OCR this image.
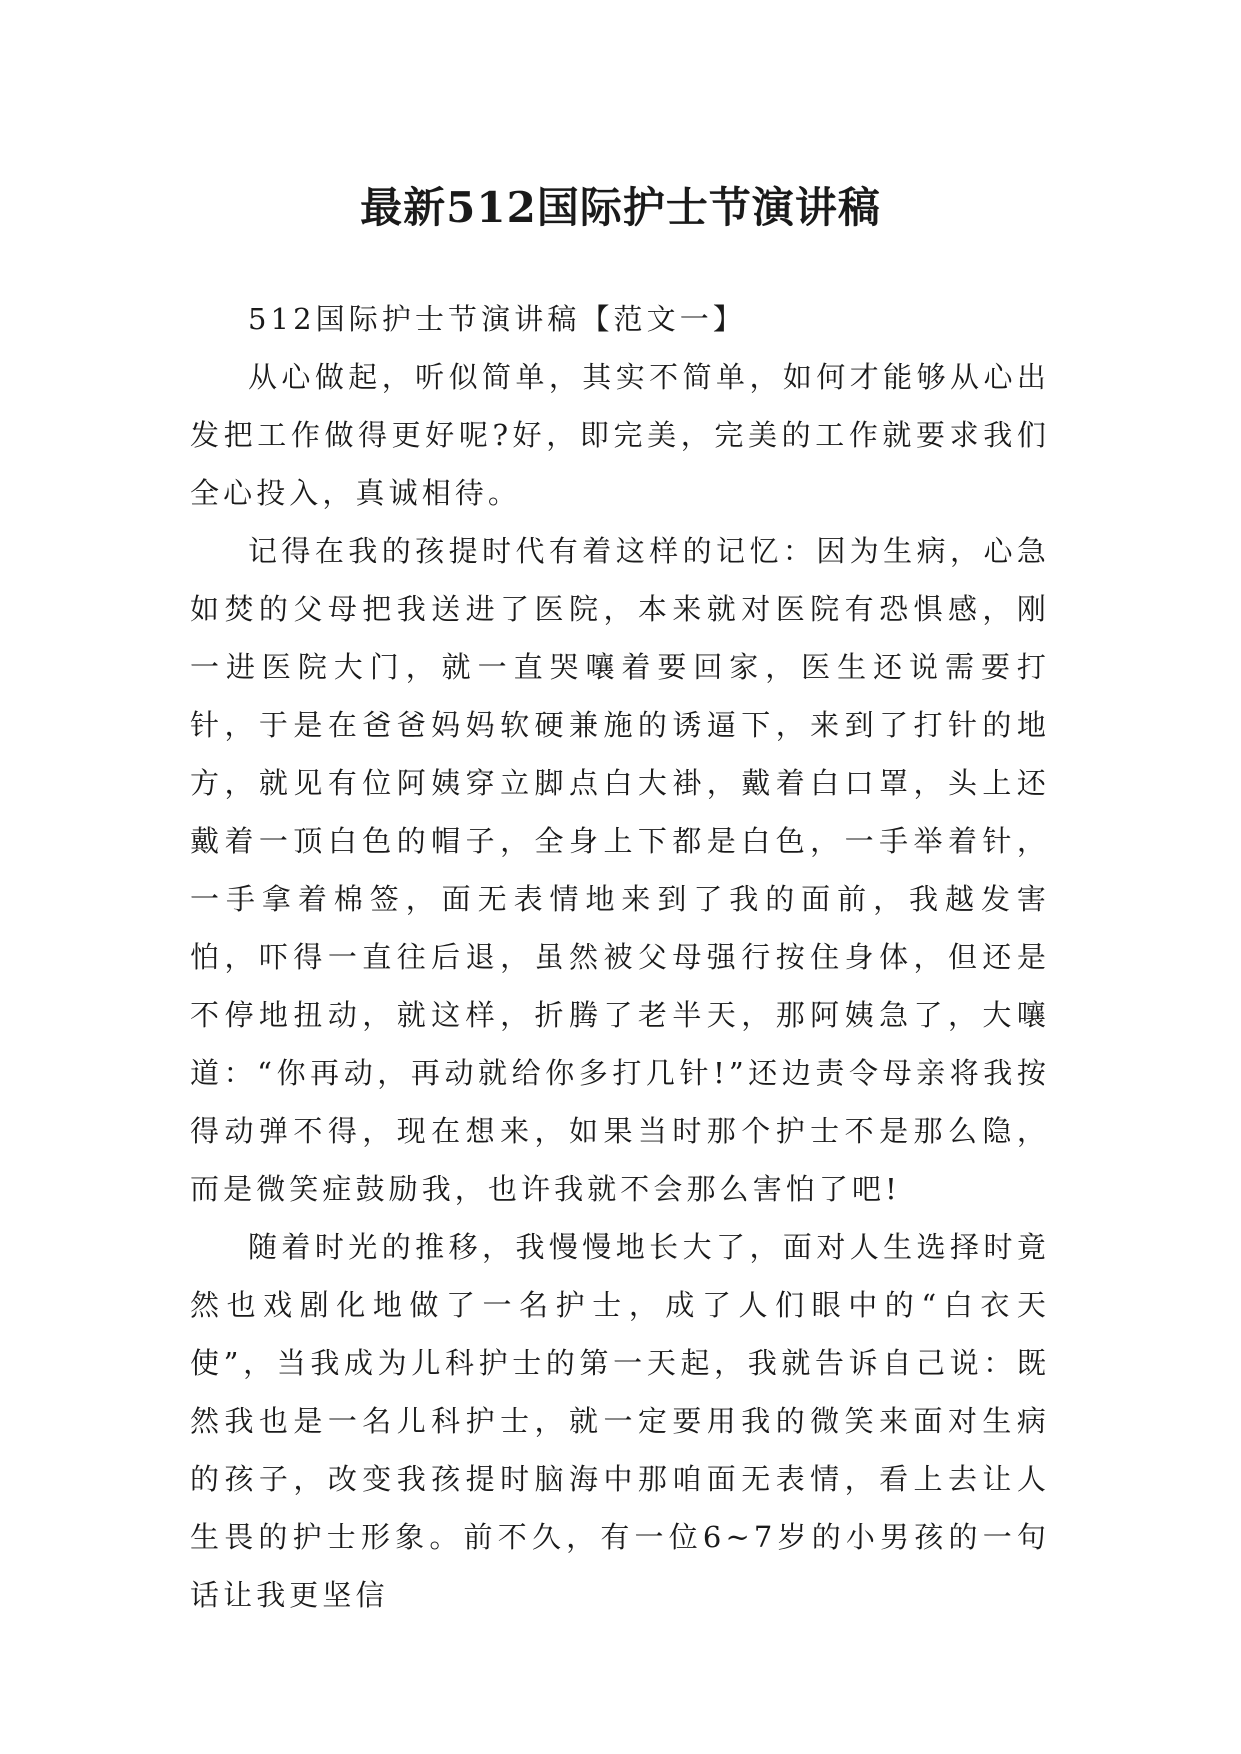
最新512国际护士节演讲稿

512国际护士节演讲稿【范文一】

从心做起，听似简单，其实不简单，如何才能够从心出发把工作做得更好呢?好，即完美，完美的工作就要求我们全心投入，真诚相待。

记得在我的孩提时代有着这样的记忆：因为生病，心急如焚的父母把我送进了医院，本来就对医院有恐惧感，刚一进医院大门，就一直哭嚷着要回家，医生还说需要打针，于是在爸爸妈妈软硬兼施的诱逼下，来到了打针的地方，就见有位阿姨穿立脚点白大褂，戴着白口罩，头上还戴着一顶白色的帽子，全身上下都是白色，一手举着针，一手拿着棉签，面无表情地来到了我的面前，我越发害怕，吓得一直往后退，虽然被父母强行按住身体，但还是不停地扭动，就这样，折腾了老半天，那阿姨急了，大嚷道：“你再动，再动就给你多打几针!”还边责令母亲将我按得动弹不得，现在想来，如果当时那个护士不是那么隐，而是微笑症鼓励我，也许我就不会那么害怕了吧!

随着时光的推移，我慢慢地长大了，面对人生选择时竟然也戏剧化地做了一名护士，成了人们眼中的“白衣天使”，当我成为儿科护士的第一天起，我就告诉自己说：既然我也是一名儿科护士，就一定要用我的微笑来面对生病的孩子，改变我孩提时脑海中那咱面无表情，看上去让人生畏的护士形象。前不久，有一位6~7岁的小男孩的一句话让我更坚信
